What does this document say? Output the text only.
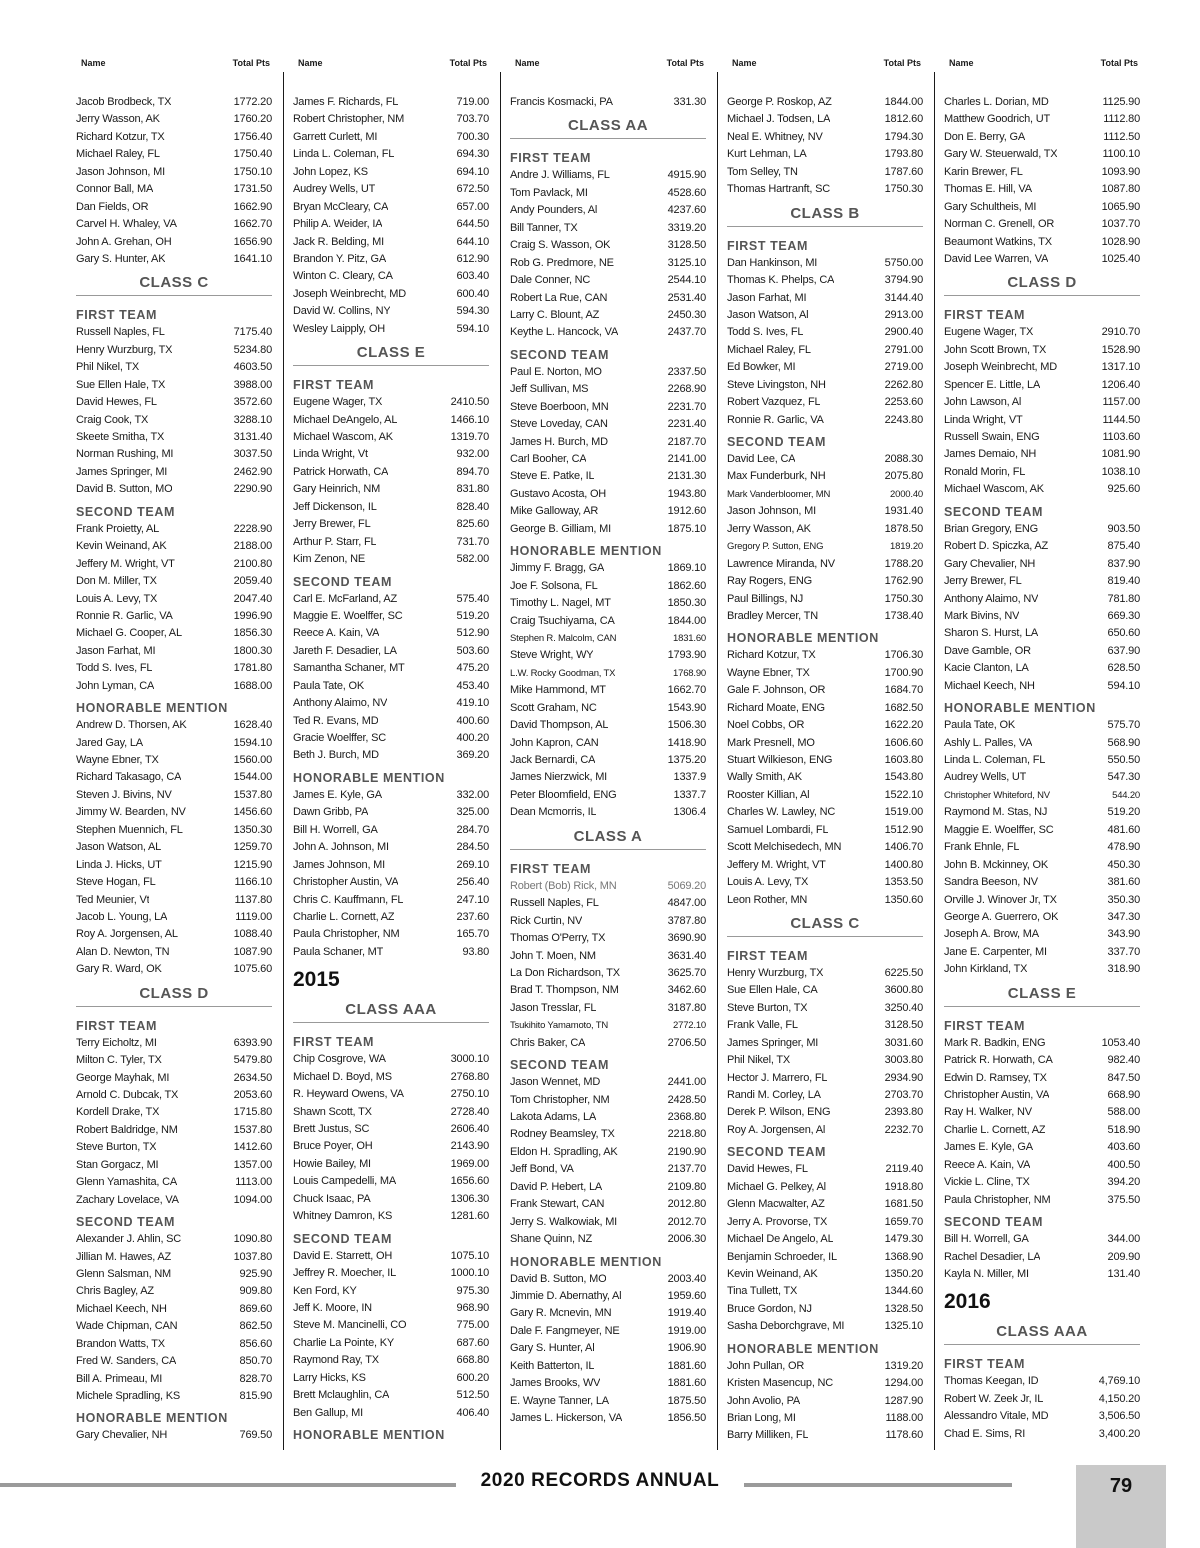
Name	Total Pts
Jacob Brodbeck, TX	1772.20
Jerry Wasson, AK	1760.20
Richard Kotzur, TX	1756.40
Michael Raley, FL	1750.40
Jason Johnson, MI	1750.10
Connor Ball, MA	1731.50
Dan Fields, OR	1662.90
Carvel H. Whaley, VA	1662.70
John A. Grehan, OH	1656.90
Gary S. Hunter, AK	1641.10
CLASS C
FIRST TEAM
Russell Naples, FL	7175.40
Henry Wurzburg, TX	5234.80
Phil Nikel, TX	4603.50
Sue Ellen Hale, TX	3988.00
David Hewes, FL	3572.60
Craig Cook, TX	3288.10
Skeete Smitha, TX	3131.40
Norman Rushing, MI	3037.50
James Springer, MI	2462.90
David B. Sutton, MO	2290.90
SECOND TEAM
Frank Proietty, AL	2228.90
Kevin Weinand, AK	2188.00
Jeffery M. Wright, VT	2100.80
Don M. Miller, TX	2059.40
Louis A. Levy, TX	2047.40
Ronnie R. Garlic, VA	1996.90
Michael G. Cooper, AL	1856.30
Jason Farhat, MI	1800.30
Todd S. Ives, FL	1781.80
John Lyman, CA	1688.00
HONORABLE MENTION
Andrew D. Thorsen, AK	1628.40
Jared Gay, LA	1594.10
Wayne Ebner, TX	1560.00
Richard Takasago, CA	1544.00
Steven J. Bivins, NV	1537.80
Jimmy W. Bearden, NV	1456.60
Stephen Muennich, FL	1350.30
Jason Watson, AL	1259.70
Linda J. Hicks, UT	1215.90
Steve Hogan, FL	1166.10
Ted Meunier, Vt	1137.80
Jacob L. Young, LA	1119.00
Roy A. Jorgensen, AL	1088.40
Alan D. Newton, TN	1087.90
Gary R. Ward, OK	1075.60
CLASS D
FIRST TEAM
Terry Eicholtz, MI	6393.90
Milton C. Tyler, TX	5479.80
George Mayhak, MI	2634.50
Arnold C. Dubcak, TX	2053.60
Kordell Drake, TX	1715.80
Robert Baldridge, NM	1537.80
Steve Burton, TX	1412.60
Stan Gorgacz, MI	1357.00
Glenn Yamashita, CA	1113.00
Zachary Lovelace, VA	1094.00
SECOND TEAM
Alexander J. Ahlin, SC	1090.80
Jillian M. Hawes, AZ	1037.80
Glenn Salsman, NM	925.90
Chris Bagley, AZ	909.80
Michael Keech, NH	869.60
Wade Chipman, CAN	862.50
Brandon Watts, TX	856.60
Fred W. Sanders, CA	850.70
Bill A. Primeau, MI	828.70
Michele Spradling, KS	815.90
HONORABLE MENTION
Gary Chevalier, NH	769.50
Name	Total Pts
James F. Richards, FL	719.00
Robert Christopher, NM	703.70
Garrett Curlett, MI	700.30
Linda L. Coleman, FL	694.30
John Lopez, KS	694.10
Audrey Wells, UT	672.50
Bryan McCleary, CA	657.00
Philip A. Weider, IA	644.50
Jack R. Belding, MI	644.10
Brandon Y. Pitz, GA	612.90
Winton C. Cleary, CA	603.40
Joseph Weinbrecht, MD	600.40
David W. Collins, NY	594.30
Wesley Laipply, OH	594.10
CLASS E
FIRST TEAM
Eugene Wager, TX	2410.50
Michael DeAngelo, AL	1466.10
Michael Wascom, AK	1319.70
Linda Wright, Vt	932.00
Patrick Horwath, CA	894.70
Gary Heinrich, NM	831.80
Jeff Dickenson, IL	828.40
Jerry Brewer, FL	825.60
Arthur P. Starr, FL	731.70
Kim Zenon, NE	582.00
SECOND TEAM
Carl E. McFarland, AZ	575.40
Maggie E. Woelffer, SC	519.20
Reece A. Kain, VA	512.90
Jareth F. Desadier, LA	503.60
Samantha Schaner, MT	475.20
Paula Tate, OK	453.40
Anthony Alaimo, NV	419.10
Ted R. Evans, MD	400.60
Gracie Woelffer, SC	400.20
Beth J. Burch, MD	369.20
HONORABLE MENTION
James E. Kyle, GA	332.00
Dawn Gribb, PA	325.00
Bill H. Worrell, GA	284.70
John A. Johnson, MI	284.50
James Johnson, MI	269.10
Christopher Austin, VA	256.40
Chris C. Kauffmann, FL	247.10
Charlie L. Cornett, AZ	237.60
Paula Christopher, NM	165.70
Paula Schaner, MT	93.80
2015
CLASS AAA
FIRST TEAM
Chip Cosgrove, WA	3000.10
Michael D. Boyd, MS	2768.80
R. Heyward Owens, VA	2750.10
Shawn Scott, TX	2728.40
Brett Justus, SC	2606.40
Bruce Poyer, OH	2143.90
Howie Bailey, MI	1969.00
Louis Campedelli, MA	1656.60
Chuck Isaac, PA	1306.30
Whitney Damron, KS	1281.60
SECOND TEAM
David E. Starrett, OH	1075.10
Jeffrey R. Moecher, IL	1000.10
Ken Ford, KY	975.30
Jeff K. Moore, IN	968.90
Steve M. Mancinelli, CO	775.00
Charlie La Pointe, KY	687.60
Raymond Ray, TX	668.80
Larry Hicks, KS	600.20
Brett Mclaughlin, CA	512.50
Ben Gallup, MI	406.40
HONORABLE MENTION
Name	Total Pts
Francis Kosmacki, PA	331.30
CLASS AA
FIRST TEAM
Andre J. Williams, FL	4915.90
Tom Pavlack, MI	4528.60
Andy Pounders, Al	4237.60
Bill Tanner, TX	3319.20
Craig S. Wasson, OK	3128.50
Rob G. Predmore, NE	3125.10
Dale Conner, NC	2544.10
Robert La Rue, CAN	2531.40
Larry C. Blount, AZ	2450.30
Keythe L. Hancock, VA	2437.70
SECOND TEAM
Paul E. Norton, MO	2337.50
Jeff Sullivan, MS	2268.90
Steve Boerboon, MN	2231.70
Steve Loveday, CAN	2231.40
James H. Burch, MD	2187.70
Carl Booher, CA	2141.00
Steve E. Patke, IL	2131.30
Gustavo Acosta, OH	1943.80
Mike Galloway, AR	1912.60
George B. Gilliam, MI	1875.10
HONORABLE MENTION
Jimmy F. Bragg, GA	1869.10
Joe F. Solsona, FL	1862.60
Timothy L. Nagel, MT	1850.30
Craig Tsuchiyama, CA	1844.00
Stephen R. Malcolm, CAN	1831.60
Steve Wright, WY	1793.90
L.W. Rocky Goodman, TX	1768.90
Mike Hammond, MT	1662.70
Scott Graham, NC	1543.90
David Thompson, AL	1506.30
John Kapron, CAN	1418.90
Jack Bernardi, CA	1375.20
James Nierzwick, MI	1337.9
Peter Bloomfield, ENG	1337.7
Dean Mcmorris, IL	1306.4
CLASS A
FIRST TEAM
Robert (Bob) Rick, MN	5069.20
Russell Naples, FL	4847.00
Rick Curtin, NV	3787.80
Thomas O'Perry, TX	3690.90
John T. Moen, NM	3631.40
La Don Richardson, TX	3625.70
Brad T. Thompson, NM	3462.60
Jason Tresslar, FL	3187.80
Tsukihito Yamamoto, TN	2772.10
Chris Baker, CA	2706.50
SECOND TEAM
Jason Wennet, MD	2441.00
Tom Christopher, NM	2428.50
Lakota Adams, LA	2368.80
Rodney Beamsley, TX	2218.80
Eldon H. Spradling, AK	2190.90
Jeff Bond, VA	2137.70
David P. Hebert, LA	2109.80
Frank Stewart, CAN	2012.80
Jerry S. Walkowiak, MI	2012.70
Shane Quinn, NZ	2006.30
HONORABLE MENTION
David B. Sutton, MO	2003.40
Jimmie D. Abernathy, Al	1959.60
Gary R. Mcnevin, MN	1919.40
Dale F. Fangmeyer, NE	1919.00
Gary S. Hunter, Al	1906.90
Keith Batterton, IL	1881.60
James Brooks, WV	1881.60
E. Wayne Tanner, LA	1875.50
James L. Hickerson, VA	1856.50
Name	Total Pts
George P. Roskop, AZ	1844.00
Michael J. Todsen, LA	1812.60
Neal E. Whitney, NV	1794.30
Kurt Lehman, LA	1793.80
Tom Selley, TN	1787.60
Thomas Hartranft, SC	1750.30
CLASS B
FIRST TEAM
Dan Hankinson, MI	5750.00
Thomas K. Phelps, CA	3794.90
Jason Farhat, MI	3144.40
Jason Watson, Al	2913.00
Todd S. Ives, FL	2900.40
Michael Raley, FL	2791.00
Ed Bowker, MI	2719.00
Steve Livingston, NH	2262.80
Robert Vazquez, FL	2253.60
Ronnie R. Garlic, VA	2243.80
SECOND TEAM
David Lee, CA	2088.30
Max Funderburk, NH	2075.80
Mark Vanderbloomer, MN	2000.40
Jason Johnson, MI	1931.40
Jerry Wasson, AK	1878.50
Gregory P. Sutton, ENG	1819.20
Lawrence Miranda, NV	1788.20
Ray Rogers, ENG	1762.90
Paul Billings, NJ	1750.30
Bradley Mercer, TN	1738.40
HONORABLE MENTION
Richard Kotzur, TX	1706.30
Wayne Ebner, TX	1700.90
Gale F. Johnson, OR	1684.70
Richard Moate, ENG	1682.50
Noel Cobbs, OR	1622.20
Mark Presnell, MO	1606.60
Stuart Wilkieson, ENG	1603.80
Wally Smith, AK	1543.80
Rooster Killian, Al	1522.10
Charles W. Lawley, NC	1519.00
Samuel Lombardi, FL	1512.90
Scott Melchisedech, MN	1406.70
Jeffery M. Wright, VT	1400.80
Louis A. Levy, TX	1353.50
Leon Rother, MN	1350.60
CLASS C
FIRST TEAM
Henry Wurzburg, TX	6225.50
Sue Ellen Hale, CA	3600.80
Steve Burton, TX	3250.40
Frank Valle, FL	3128.50
James Springer, MI	3031.60
Phil Nikel, TX	3003.80
Hector J. Marrero, FL	2934.90
Randi M. Corley, LA	2703.70
Derek P. Wilson, ENG	2393.80
Roy A. Jorgensen, Al	2232.70
SECOND TEAM
David Hewes, FL	2119.40
Michael G. Pelkey, Al	1918.80
Glenn Macwalter, AZ	1681.50
Jerry A. Provorse, TX	1659.70
Michael De Angelo, AL	1479.30
Benjamin Schroeder, IL	1368.90
Kevin Weinand, AK	1350.20
Tina Tullett, TX	1344.60
Bruce Gordon, NJ	1328.50
Sasha Deborchgrave, MI	1325.10
HONORABLE MENTION
John Pullan, OR	1319.20
Kristen Masencup, NC	1294.00
John Avolio, PA	1287.90
Brian Long, MI	1188.00
Barry Milliken, FL	1178.60
Name	Total Pts
Charles L. Dorian, MD	1125.90
Matthew Goodrich, UT	1112.80
Don E. Berry, GA	1112.50
Gary W. Steuerwald, TX	1100.10
Karin Brewer, FL	1093.90
Thomas E. Hill, VA	1087.80
Gary Schultheis, MI	1065.90
Norman C. Grenell, OR	1037.70
Beaumont Watkins, TX	1028.90
David Lee Warren, VA	1025.40
CLASS D
FIRST TEAM
Eugene Wager, TX	2910.70
John Scott Brown, TX	1528.90
Joseph Weinbrecht, MD	1317.10
Spencer E. Little, LA	1206.40
John Lawson, Al	1157.00
Linda Wright, VT	1144.50
Russell Swain, ENG	1103.60
James Demaio, NH	1081.90
Ronald Morin, FL	1038.10
Michael Wascom, AK	925.60
SECOND TEAM
Brian Gregory, ENG	903.50
Robert D. Spiczka, AZ	875.40
Gary Chevalier, NH	837.90
Jerry Brewer, FL	819.40
Anthony Alaimo, NV	781.80
Mark Bivins, NV	669.30
Sharon S. Hurst, LA	650.60
Dave Gamble, OR	637.90
Kacie Clanton, LA	628.50
Michael Keech, NH	594.10
HONORABLE MENTION
Paula Tate, OK	575.70
Ashly L. Palles, VA	568.90
Linda L. Coleman, FL	550.50
Audrey Wells, UT	547.30
Christopher Whiteford, NV	544.20
Raymond M. Stas, NJ	519.20
Maggie E. Woelffer, SC	481.60
Frank Ehnle, FL	478.90
John B. Mckinney, OK	450.30
Sandra Beeson, NV	381.60
Orville J. Winover Jr, TX	350.30
George A. Guerrero, OK	347.30
Joseph A. Brow, MA	343.90
Jane E. Carpenter, MI	337.70
John Kirkland, TX	318.90
CLASS E
FIRST TEAM
Mark R. Badkin, ENG	1053.40
Patrick R. Horwath, CA	982.40
Edwin D. Ramsey, TX	847.50
Christopher Austin, VA	668.90
Ray H. Walker, NV	588.00
Charlie L. Cornett, AZ	518.90
James E. Kyle, GA	403.60
Reece A. Kain, VA	400.50
Vickie L. Cline, TX	394.20
Paula Christopher, NM	375.50
SECOND TEAM
Bill H. Worrell, GA	344.00
Rachel Desadier, LA	209.90
Kayla N. Miller, MI	131.40
2016
CLASS AAA
FIRST TEAM
Thomas Keegan, ID	4,769.10
Robert W. Zeek Jr, IL	4,150.20
Alessandro Vitale, MD	3,506.50
Chad E. Sims, RI	3,400.20
2020 RECORDS ANNUAL	79
